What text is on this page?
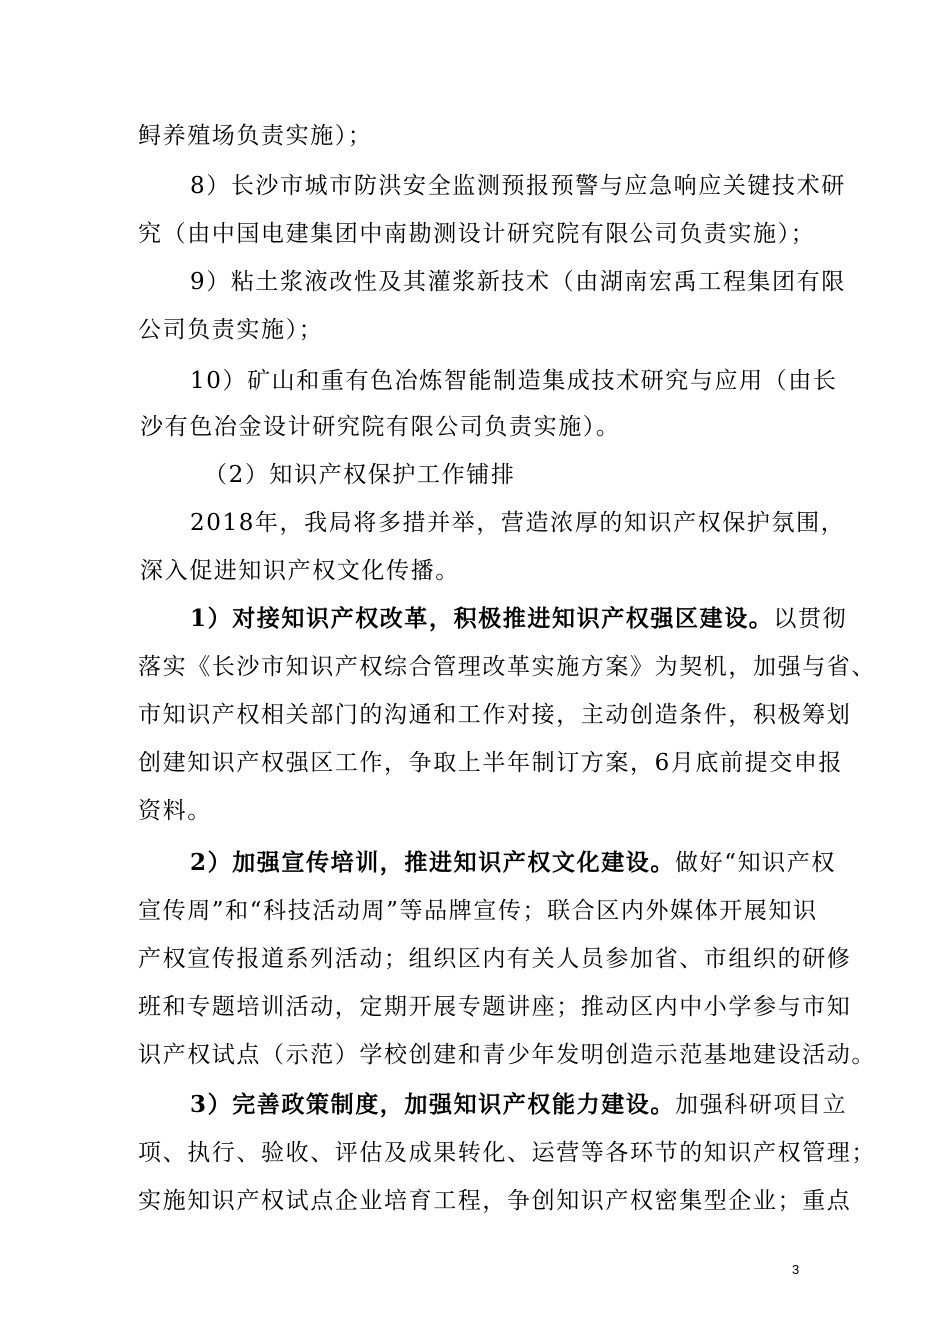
鲟养殖场负责实施）；
8）长沙市城市防洪安全监测预报预警与应急响应关键技术研
究（由中国电建集团中南勘测设计研究院有限公司负责实施）；
9）粘土浆液改性及其灌浆新技术（由湖南宏禹工程集团有限
公司负责实施）；
10）矿山和重有色冶炼智能制造集成技术研究与应用（由长
沙有色冶金设计研究院有限公司负责实施）。
（2）知识产权保护工作铺排
2018年，我局将多措并举，营造浓厚的知识产权保护氛围，
深入促进知识产权文化传播。
1）对接知识产权改革，积极推进知识产权强区建设。以贯彻
落实《长沙市知识产权综合管理改革实施方案》为契机，加强与省、
市知识产权相关部门的沟通和工作对接，主动创造条件，积极筹划
创建知识产权强区工作，争取上半年制订方案，6月底前提交申报
资料。
2）加强宣传培训，推进知识产权文化建设。做好“知识产权
宣传周”和“科技活动周”等品牌宣传；联合区内外媒体开展知识
产权宣传报道系列活动；组织区内有关人员参加省、市组织的研修
班和专题培训活动，定期开展专题讲座；推动区内中小学参与市知
识产权试点（示范）学校创建和青少年发明创造示范基地建设活动。
3）完善政策制度，加强知识产权能力建设。加强科研项目立
项、执行、验收、评估及成果转化、运营等各环节的知识产权管理；
实施知识产权试点企业培育工程，争创知识产权密集型企业；重点
3
